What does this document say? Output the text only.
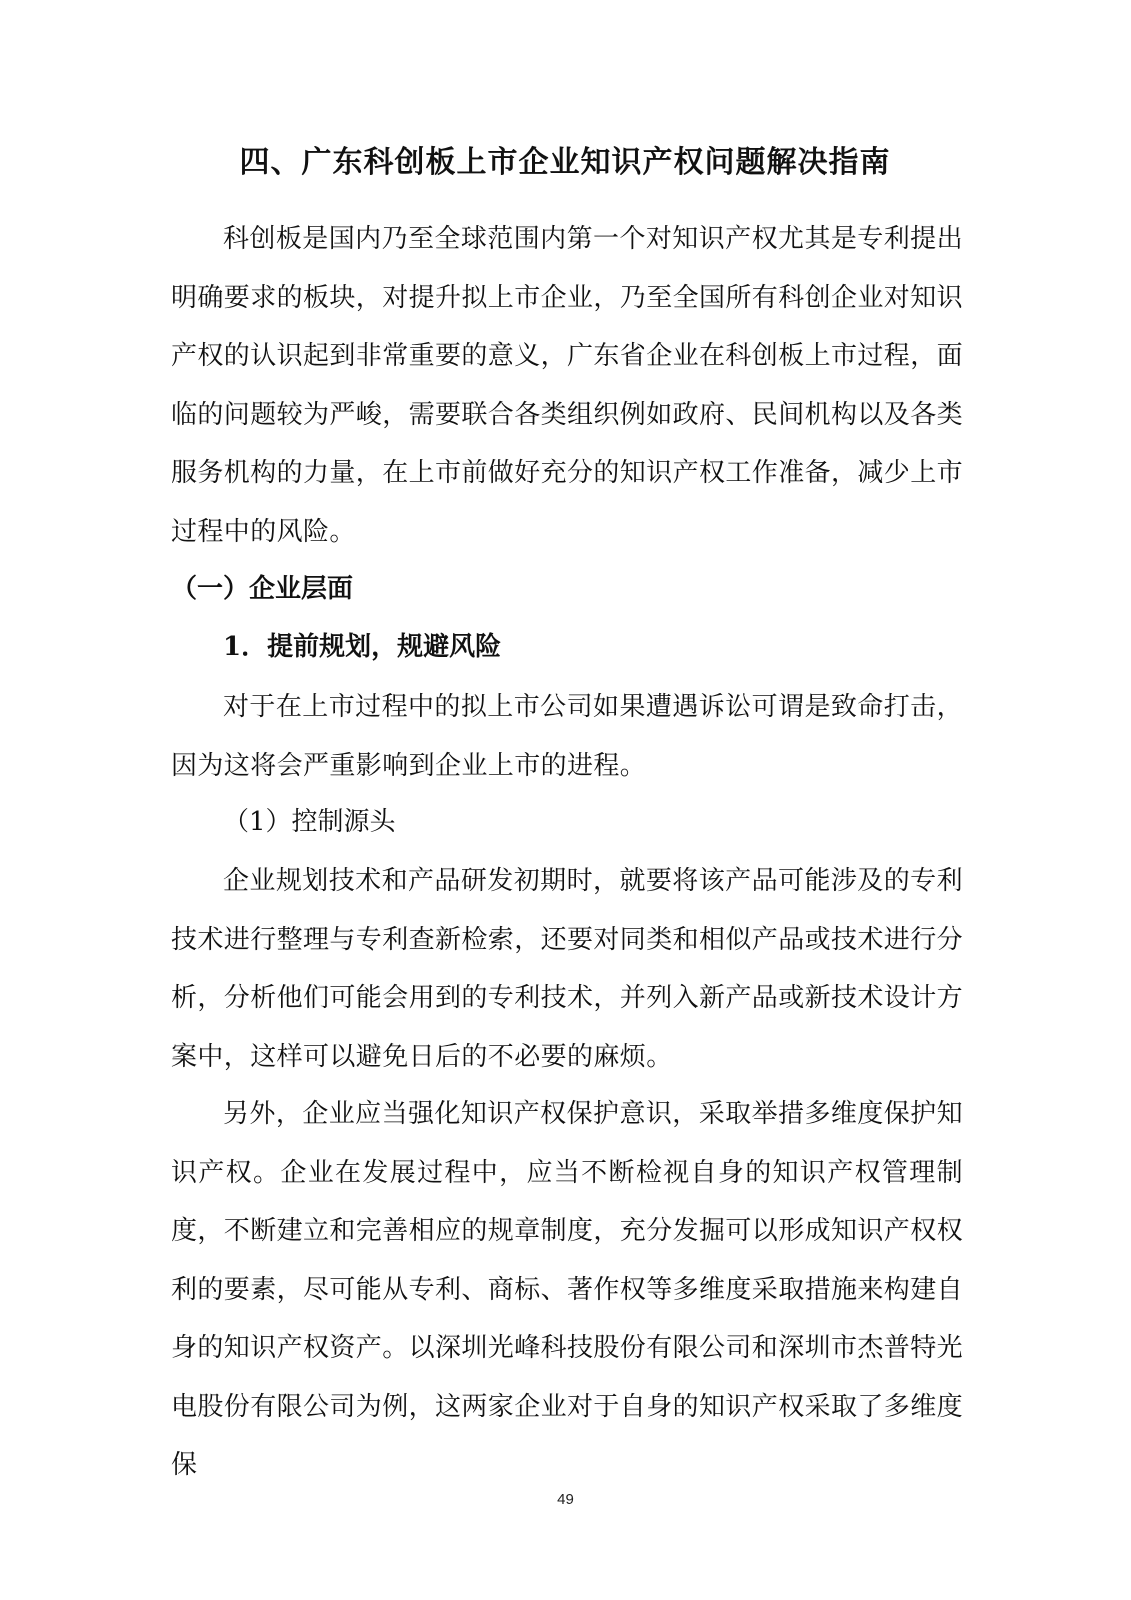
四、广东科创板上市企业知识产权问题解决指南

科创板是国内乃至全球范围内第一个对知识产权尤其是专利提出明确要求的板块，对提升拟上市企业，乃至全国所有科创企业对知识产权的认识起到非常重要的意义，广东省企业在科创板上市过程，面临的问题较为严峻，需要联合各类组织例如政府、民间机构以及各类服务机构的力量，在上市前做好充分的知识产权工作准备，减少上市过程中的风险。

（一）企业层面
1．提前规划，规避风险

对于在上市过程中的拟上市公司如果遭遇诉讼可谓是致命打击，因为这将会严重影响到企业上市的进程。

（1）控制源头

企业规划技术和产品研发初期时，就要将该产品可能涉及的专利技术进行整理与专利查新检索，还要对同类和相似产品或技术进行分析，分析他们可能会用到的专利技术，并列入新产品或新技术设计方案中，这样可以避免日后的不必要的麻烦。

另外，企业应当强化知识产权保护意识，采取举措多维度保护知识产权。企业在发展过程中，应当不断检视自身的知识产权管理制度，不断建立和完善相应的规章制度，充分发掘可以形成知识产权权利的要素，尽可能从专利、商标、著作权等多维度采取措施来构建自身的知识产权资产。以深圳光峰科技股份有限公司和深圳市杰普特光电股份有限公司为例，这两家企业对于自身的知识产权采取了多维度保

49
